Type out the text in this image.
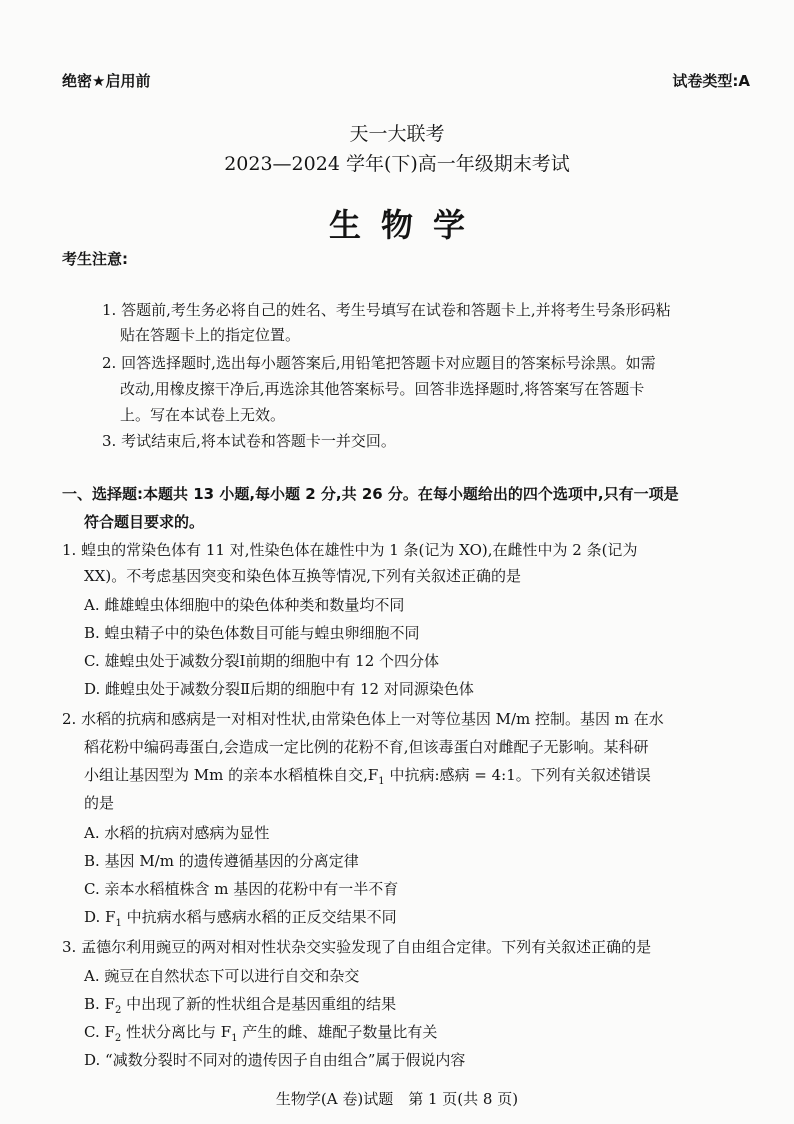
绝密★启用前	试卷类型:A
天一大联考
2023—2024 学年(下)高一年级期末考试
生物学
考生注意:
1. 答题前,考生务必将自己的姓名、考生号填写在试卷和答题卡上,并将考生号条形码粘
贴在答题卡上的指定位置。
2. 回答选择题时,选出每小题答案后,用铅笔把答题卡对应题目的答案标号涂黑。如需
改动,用橡皮擦干净后,再选涂其他答案标号。回答非选择题时,将答案写在答题卡
上。写在本试卷上无效。
3. 考试结束后,将本试卷和答题卡一并交回。
一、选择题:本题共 13 小题,每小题 2 分,共 26 分。在每小题给出的四个选项中,只有一项是
符合题目要求的。
1. 蝗虫的常染色体有 11 对,性染色体在雄性中为 1 条(记为 XO),在雌性中为 2 条(记为
XX)。不考虑基因突变和染色体互换等情况,下列有关叙述正确的是
A. 雌雄蝗虫体细胞中的染色体种类和数量均不同
B. 蝗虫精子中的染色体数目可能与蝗虫卵细胞不同
C. 雄蝗虫处于减数分裂Ⅰ前期的细胞中有 12 个四分体
D. 雌蝗虫处于减数分裂Ⅱ后期的细胞中有 12 对同源染色体
2. 水稻的抗病和感病是一对相对性状,由常染色体上一对等位基因 M/m 控制。基因 m 在水
稻花粉中编码毒蛋白,会造成一定比例的花粉不育,但该毒蛋白对雌配子无影响。某科研
小组让基因型为 Mm 的亲本水稻植株自交$,F_1$ 中抗病:感病 = 4:1。下列有关叙述错误
的是
A. 水稻的抗病对感病为显性
B. 基因 M/m 的遗传遵循基因的分离定律
C. 亲本水稻植株含 m 基因的花粉中有一半不育
D. $F_1$ 中抗病水稻与感病水稻的正反交结果不同
3. 孟德尔利用豌豆的两对相对性状杂交实验发现了自由组合定律。下列有关叙述正确的是
A. 豌豆在自然状态下可以进行自交和杂交
B. $F_2$ 中出现了新的性状组合是基因重组的结果
C. $F_2$ 性状分离比与 $F_1$ 产生的雌、雄配子数量比有关
D. “减数分裂时不同对的遗传因子自由组合”属于假说内容
生物学(A 卷)试题　第 1 页(共 8 页)
